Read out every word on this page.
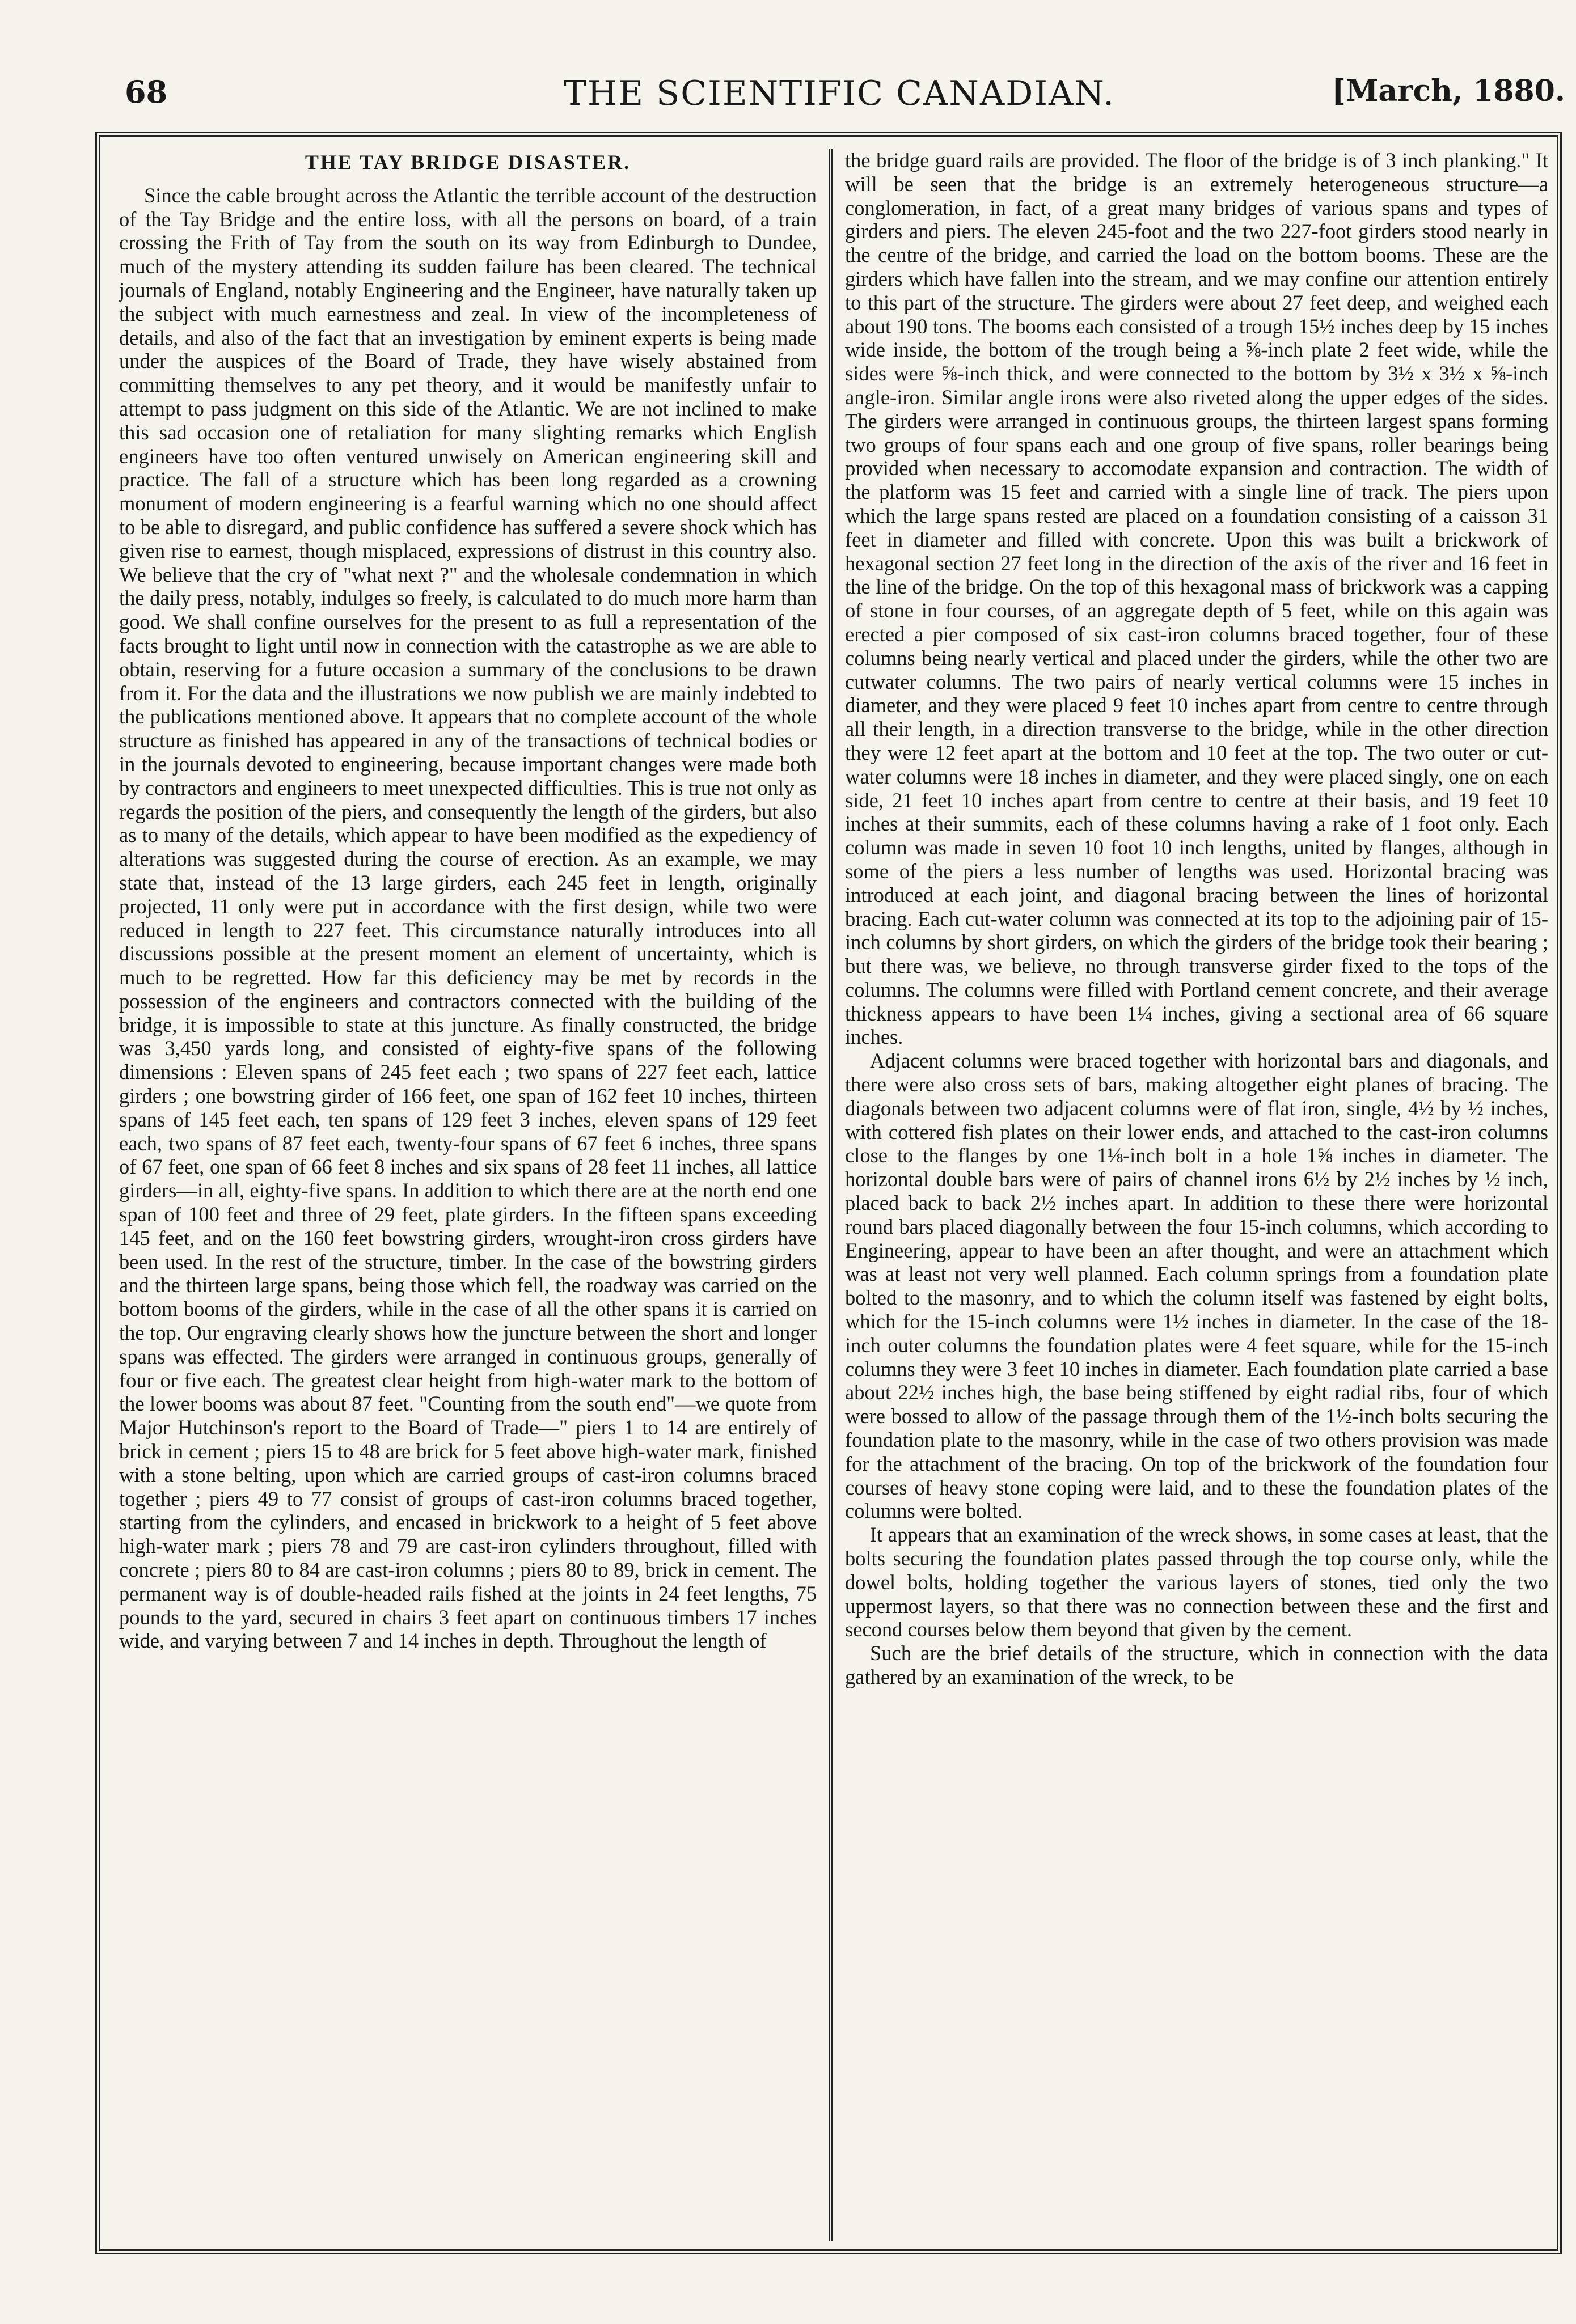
68	THE SCIENTIFIC CANADIAN.	[March, 1880.
THE TAY BRIDGE DISASTER.

Since the cable brought across the Atlantic the terrible account of the destruction of the Tay Bridge and the entire loss, with all the persons on board, of a train crossing the Frith of Tay from the south on its way from Edinburgh to Dundee, much of the mystery attending its sudden failure has been cleared. The technical journals of England, notably Engineering and the Engineer, have naturally taken up the subject with much earnestness and zeal. In view of the incompleteness of details, and also of the fact that an investigation by eminent experts is being made under the auspices of the Board of Trade, they have wisely abstained from committing themselves to any pet theory, and it would be manifestly unfair to attempt to pass judgment on this side of the Atlantic. We are not inclined to make this sad occasion one of retaliation for many slighting remarks which English engineers have too often ventured unwisely on American engineering skill and practice. The fall of a structure which has been long regarded as a crowning monument of modern engineering is a fearful warning which no one should affect to be able to disregard, and public confidence has suffered a severe shock which has given rise to earnest, though misplaced, expressions of distrust in this country also. We believe that the cry of "what next ?" and the wholesale condemnation in which the daily press, notably, indulges so freely, is calculated to do much more harm than good. We shall confine ourselves for the present to as full a representation of the facts brought to light until now in connection with the catastrophe as we are able to obtain, reserving for a future occasion a summary of the conclusions to be drawn from it. For the data and the illustrations we now publish we are mainly indebted to the publications mentioned above. It appears that no complete account of the whole structure as finished has appeared in any of the transactions of technical bodies or in the journals devoted to engineering, because important changes were made both by contractors and engineers to meet unexpected difficulties. This is true not only as regards the position of the piers, and consequently the length of the girders, but also as to many of the details, which appear to have been modified as the expediency of alterations was suggested during the course of erection. As an example, we may state that, instead of the 13 large girders, each 245 feet in length, originally projected, 11 only were put in accordance with the first design, while two were reduced in length to 227 feet. This circumstance naturally introduces into all discussions possible at the present moment an element of uncertainty, which is much to be regretted. How far this deficiency may be met by records in the possession of the engineers and contractors connected with the building of the bridge, it is impossible to state at this juncture. As finally constructed, the bridge was 3,450 yards long, and consisted of eighty-five spans of the following dimensions : Eleven spans of 245 feet each ; two spans of 227 feet each, lattice girders ; one bowstring girder of 166 feet, one span of 162 feet 10 inches, thirteen spans of 145 feet each, ten spans of 129 feet 3 inches, eleven spans of 129 feet each, two spans of 87 feet each, twenty-four spans of 67 feet 6 inches, three spans of 67 feet, one span of 66 feet 8 inches and six spans of 28 feet 11 inches, all lattice girders—in all, eighty-five spans. In addition to which there are at the north end one span of 100 feet and three of 29 feet, plate girders. In the fifteen spans exceeding 145 feet, and on the 160 feet bowstring girders, wrought-iron cross girders have been used. In the rest of the structure, timber. In the case of the bowstring girders and the thirteen large spans, being those which fell, the roadway was carried on the bottom booms of the girders, while in the case of all the other spans it is carried on the top. Our engraving clearly shows how the juncture between the short and longer spans was effected. The girders were arranged in continuous groups, generally of four or five each. The greatest clear height from high-water mark to the bottom of the lower booms was about 87 feet. "Counting from the south end"—we quote from Major Hutchinson's report to the Board of Trade—" piers 1 to 14 are entirely of brick in cement ; piers 15 to 48 are brick for 5 feet above high-water mark, finished with a stone belting, upon which are carried groups of cast-iron columns braced together ; piers 49 to 77 consist of groups of cast-iron columns braced together, starting from the cylinders, and encased in brickwork to a height of 5 feet above high-water mark ; piers 78 and 79 are cast-iron cylinders throughout, filled with concrete ; piers 80 to 84 are cast-iron columns ; piers 80 to 89, brick in cement. The permanent way is of double-headed rails fished at the joints in 24 feet lengths, 75 pounds to the yard, secured in chairs 3 feet apart on continuous timbers 17 inches wide, and varying between 7 and 14 inches in depth. Throughout the length of

the bridge guard rails are provided. The floor of the bridge is of 3 inch planking." It will be seen that the bridge is an extremely heterogeneous structure—a conglomeration, in fact, of a great many bridges of various spans and types of girders and piers. The eleven 245-foot and the two 227-foot girders stood nearly in the centre of the bridge, and carried the load on the bottom booms. These are the girders which have fallen into the stream, and we may confine our attention entirely to this part of the structure. The girders were about 27 feet deep, and weighed each about 190 tons. The booms each consisted of a trough 15½ inches deep by 15 inches wide inside, the bottom of the trough being a ⅝-inch plate 2 feet wide, while the sides were ⅝-inch thick, and were connected to the bottom by 3½ x 3½ x ⅝-inch angle-iron. Similar angle irons were also riveted along the upper edges of the sides. The girders were arranged in continuous groups, the thirteen largest spans forming two groups of four spans each and one group of five spans, roller bearings being provided when necessary to accomodate expansion and contraction. The width of the platform was 15 feet and carried with a single line of track. The piers upon which the large spans rested are placed on a foundation consisting of a caisson 31 feet in diameter and filled with concrete. Upon this was built a brickwork of hexagonal section 27 feet long in the direction of the axis of the river and 16 feet in the line of the bridge. On the top of this hexagonal mass of brickwork was a capping of stone in four courses, of an aggregate depth of 5 feet, while on this again was erected a pier composed of six cast-iron columns braced together, four of these columns being nearly vertical and placed under the girders, while the other two are cutwater columns. The two pairs of nearly vertical columns were 15 inches in diameter, and they were placed 9 feet 10 inches apart from centre to centre through all their length, in a direction transverse to the bridge, while in the other direction they were 12 feet apart at the bottom and 10 feet at the top. The two outer or cut-water columns were 18 inches in diameter, and they were placed singly, one on each side, 21 feet 10 inches apart from centre to centre at their basis, and 19 feet 10 inches at their summits, each of these columns having a rake of 1 foot only. Each column was made in seven 10 foot 10 inch lengths, united by flanges, although in some of the piers a less number of lengths was used. Horizontal bracing was introduced at each joint, and diagonal bracing between the lines of horizontal bracing. Each cut-water column was connected at its top to the adjoining pair of 15-inch columns by short girders, on which the girders of the bridge took their bearing ; but there was, we believe, no through transverse girder fixed to the tops of the columns. The columns were filled with Portland cement concrete, and their average thickness appears to have been 1¼ inches, giving a sectional area of 66 square inches.

Adjacent columns were braced together with horizontal bars and diagonals, and there were also cross sets of bars, making altogether eight planes of bracing. The diagonals between two adjacent columns were of flat iron, single, 4½ by ½ inches, with cottered fish plates on their lower ends, and attached to the cast-iron columns close to the flanges by one 1⅛-inch bolt in a hole 1⅝ inches in diameter. The horizontal double bars were of pairs of channel irons 6½ by 2½ inches by ½ inch, placed back to back 2½ inches apart. In addition to these there were horizontal round bars placed diagonally between the four 15-inch columns, which according to Engineering, appear to have been an after thought, and were an attachment which was at least not very well planned. Each column springs from a foundation plate bolted to the masonry, and to which the column itself was fastened by eight bolts, which for the 15-inch columns were 1½ inches in diameter. In the case of the 18-inch outer columns the foundation plates were 4 feet square, while for the 15-inch columns they were 3 feet 10 inches in diameter. Each foundation plate carried a base about 22½ inches high, the base being stiffened by eight radial ribs, four of which were bossed to allow of the passage through them of the 1½-inch bolts securing the foundation plate to the masonry, while in the case of two others provision was made for the attachment of the bracing. On top of the brickwork of the foundation four courses of heavy stone coping were laid, and to these the foundation plates of the columns were bolted.

It appears that an examination of the wreck shows, in some cases at least, that the bolts securing the foundation plates passed through the top course only, while the dowel bolts, holding together the various layers of stones, tied only the two uppermost layers, so that there was no connection between these and the first and second courses below them beyond that given by the cement.

Such are the brief details of the structure, which in connection with the data gathered by an examination of the wreck, to be
